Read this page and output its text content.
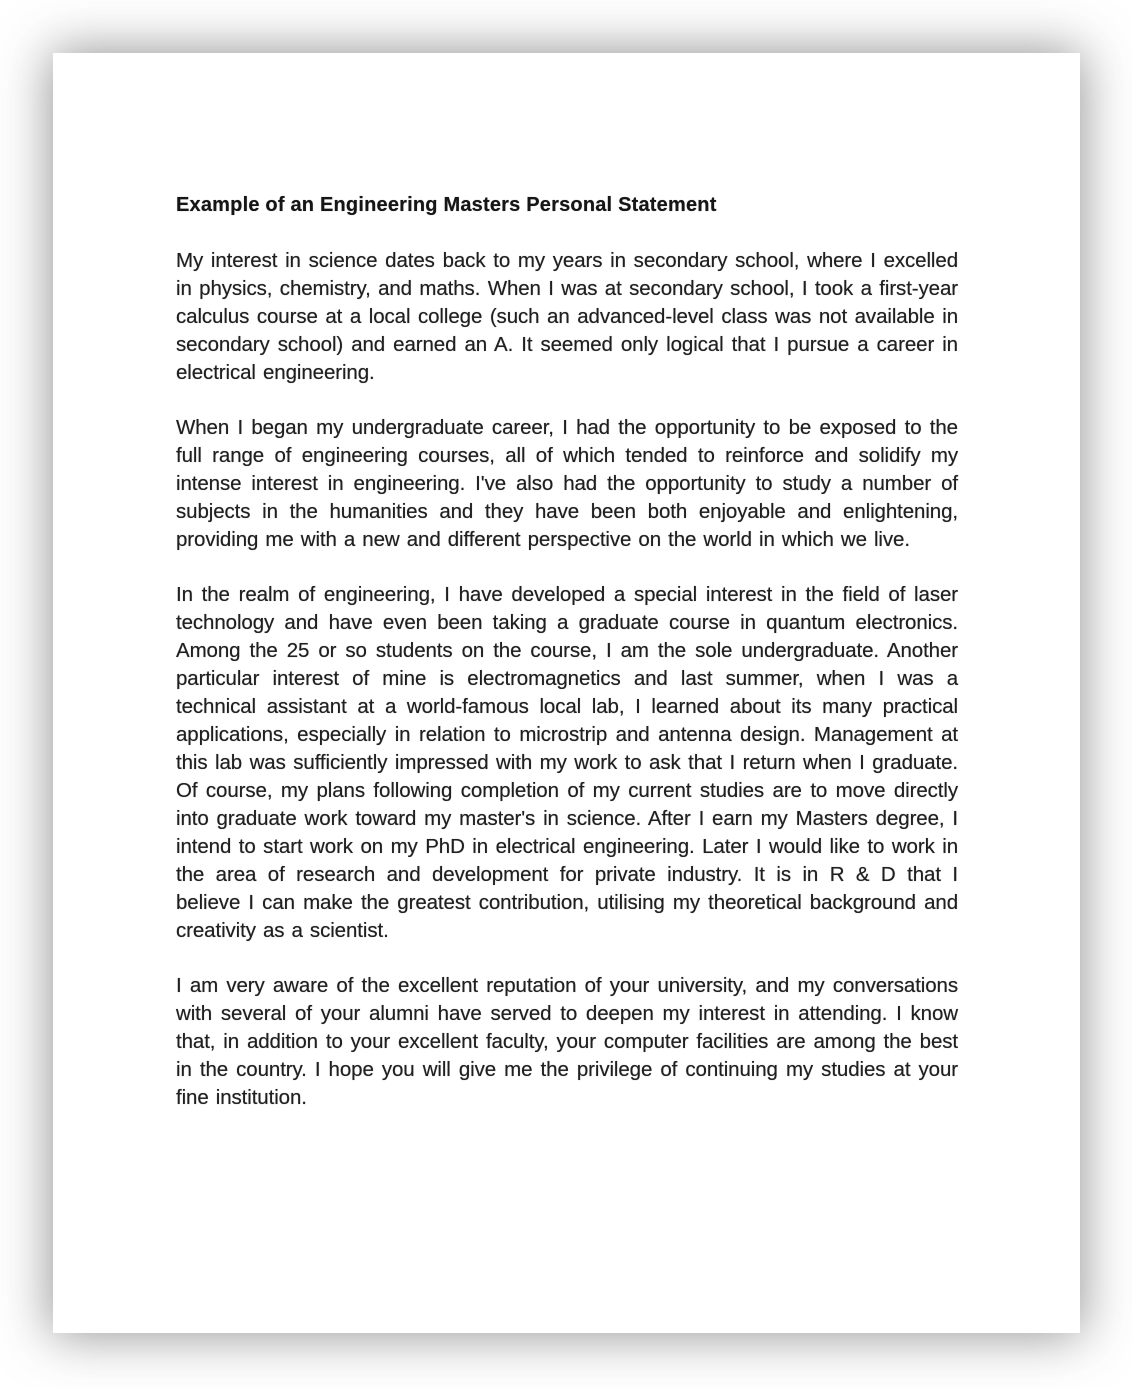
Example of an Engineering Masters Personal Statement

My interest in science dates back to my years in secondary school, where I excelled in physics, chemistry, and maths. When I was at secondary school, I took a first-year calculus course at a local college (such an advanced-level class was not available in secondary school) and earned an A. It seemed only logical that I pursue a career in electrical engineering.

When I began my undergraduate career, I had the opportunity to be exposed to the full range of engineering courses, all of which tended to reinforce and solidify my intense interest in engineering. I've also had the opportunity to study a number of subjects in the humanities and they have been both enjoyable and enlightening, providing me with a new and different perspective on the world in which we live.

In the realm of engineering, I have developed a special interest in the field of laser technology and have even been taking a graduate course in quantum electronics. Among the 25 or so students on the course, I am the sole undergraduate. Another particular interest of mine is electromagnetics and last summer, when I was a technical assistant at a world-famous local lab, I learned about its many practical applications, especially in relation to microstrip and antenna design. Management at this lab was sufficiently impressed with my work to ask that I return when I graduate. Of course, my plans following completion of my current studies are to move directly into graduate work toward my master's in science. After I earn my Masters degree, I intend to start work on my PhD in electrical engineering. Later I would like to work in the area of research and development for private industry. It is in R & D that I believe I can make the greatest contribution, utilising my theoretical background and creativity as a scientist.

I am very aware of the excellent reputation of your university, and my conversations with several of your alumni have served to deepen my interest in attending. I know that, in addition to your excellent faculty, your computer facilities are among the best in the country. I hope you will give me the privilege of continuing my studies at your fine institution.
